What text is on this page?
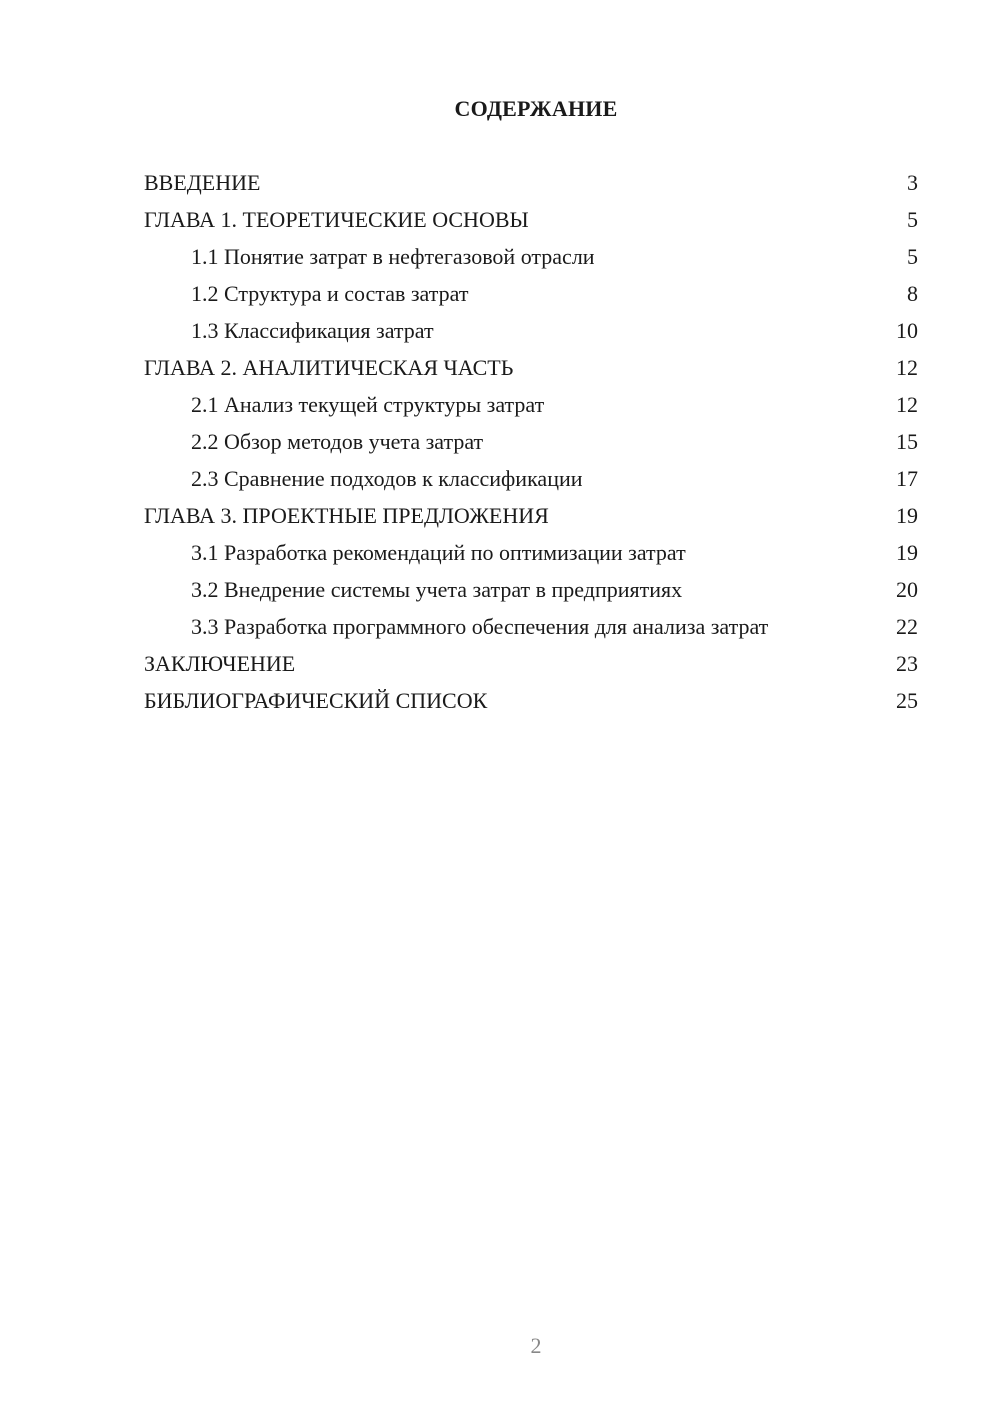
СОДЕРЖАНИЕ
ВВЕДЕНИЕ	3
ГЛАВА 1. ТЕОРЕТИЧЕСКИЕ ОСНОВЫ	5
1.1 Понятие затрат в нефтегазовой отрасли	5
1.2 Структура и состав затрат	8
1.3 Классификация затрат	10
ГЛАВА 2. АНАЛИТИЧЕСКАЯ ЧАСТЬ	12
2.1 Анализ текущей структуры затрат	12
2.2 Обзор методов учета затрат	15
2.3 Сравнение подходов к классификации	17
ГЛАВА 3. ПРОЕКТНЫЕ ПРЕДЛОЖЕНИЯ	19
3.1 Разработка рекомендаций по оптимизации затрат	19
3.2 Внедрение системы учета затрат в предприятиях	20
3.3 Разработка программного обеспечения для анализа затрат	22
ЗАКЛЮЧЕНИЕ	23
БИБЛИОГРАФИЧЕСКИЙ СПИСОК	25
2
